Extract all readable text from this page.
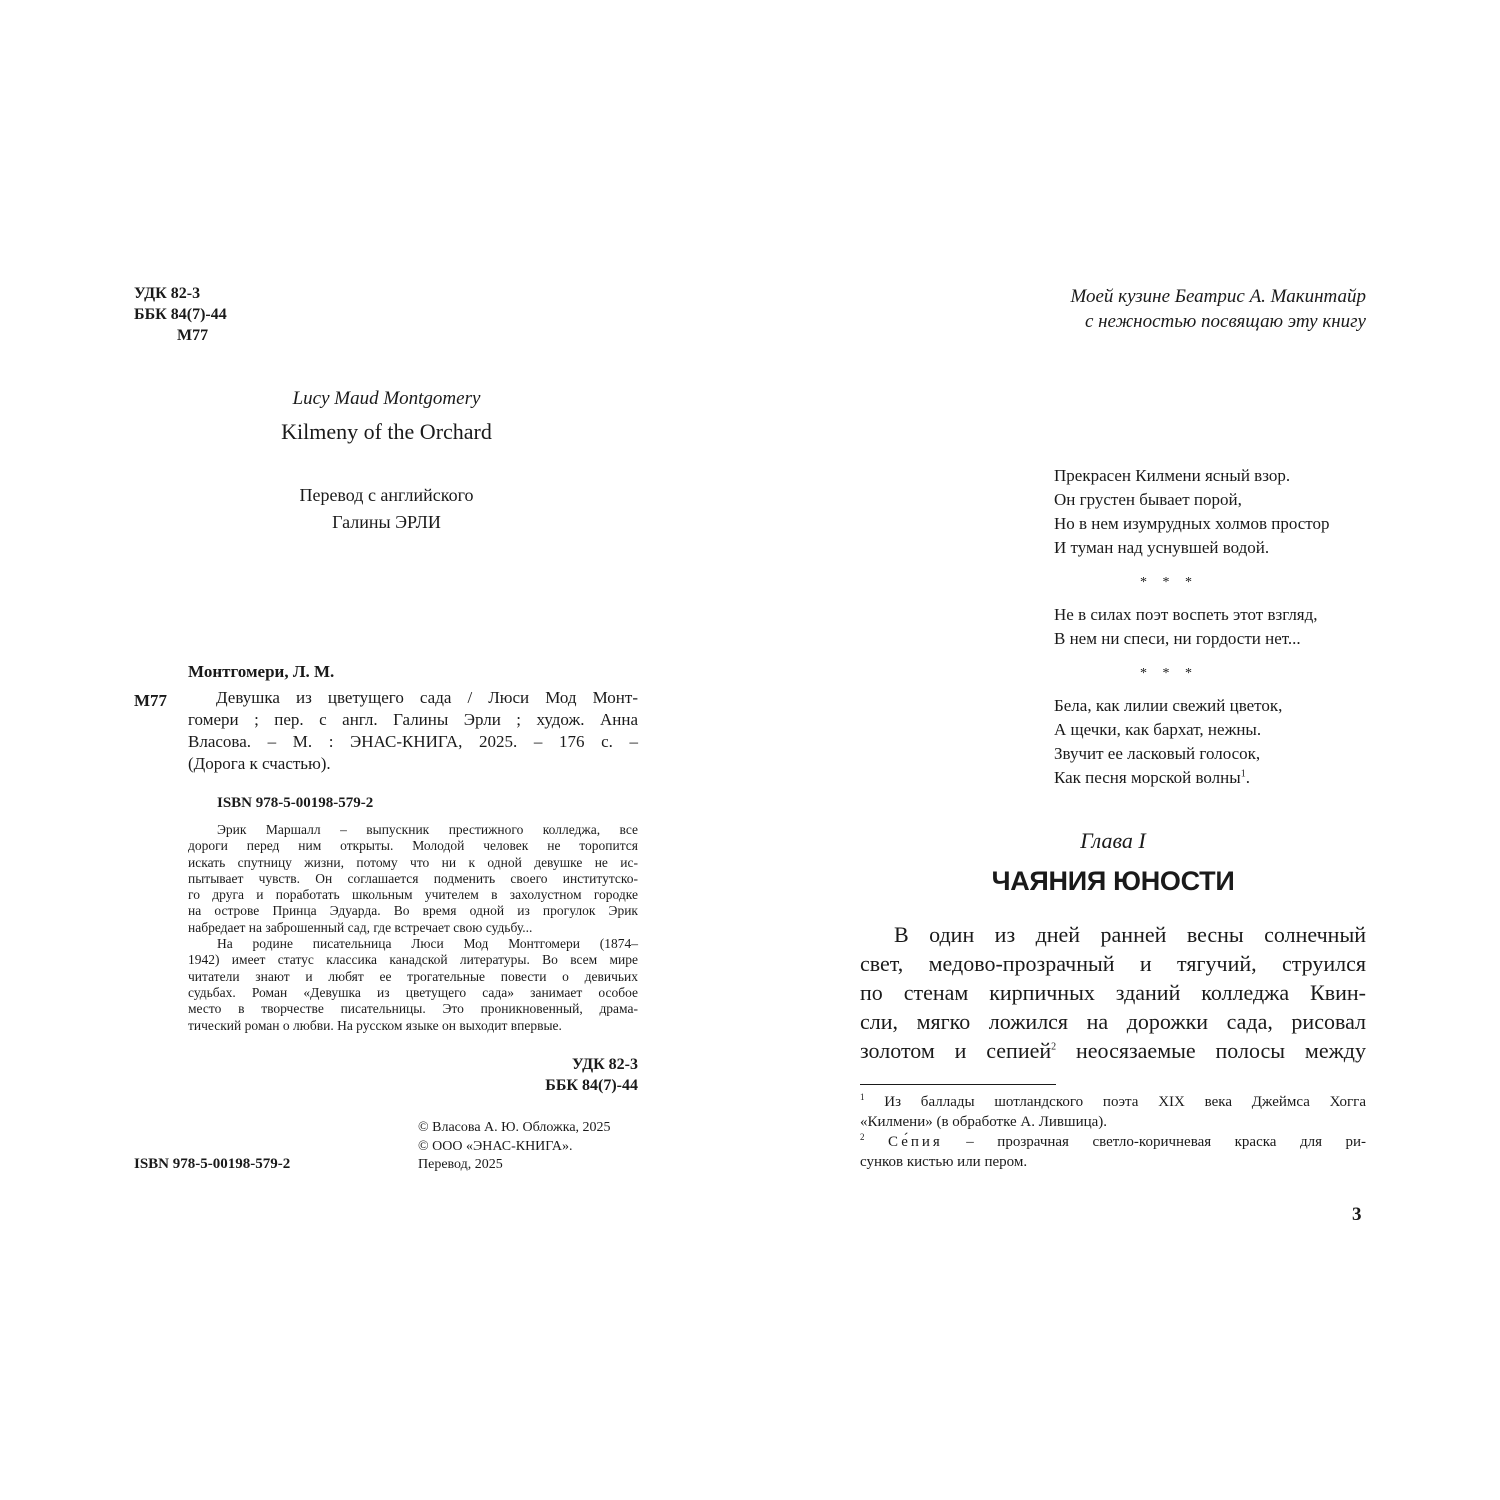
УДК 82-3
ББК 84(7)-44
М77
Lucy Maud Montgomery
Kilmeny of the Orchard
Перевод с английского
Галины ЭРЛИ
Монтгомери, Л. М.
М77	Девушка из цветущего сада / Люси Мод Монт-
гомери ; пер. с англ. Галины Эрли ; худож. Анна
Власова. – М. : ЭНАС-КНИГА, 2025. – 176 с. –
(Дорога к счастью).
ISBN 978-5-00198-579-2
Эрик Маршалл – выпускник престижного колледжа, все
дороги перед ним открыты. Молодой человек не торопится
искать спутницу жизни, потому что ни к одной девушке не ис-
пытывает чувств. Он соглашается подменить своего институтско-
го друга и поработать школьным учителем в захолустном городке
на острове Принца Эдуарда. Во время одной из прогулок Эрик
набредает на заброшенный сад, где встречает свою судьбу...
На родине писательница Люси Мод Монтгомери (1874–
1942) имеет статус классика канадской литературы. Во всем мире
читатели знают и любят ее трогательные повести о девичьих
судьбах. Роман «Девушка из цветущего сада» занимает особое
место в творчестве писательницы. Это проникновенный, драма-
тический роман о любви. На русском языке он выходит впервые.
УДК 82-3
ББК 84(7)-44
© Власова А. Ю. Обложка, 2025
© ООО «ЭНАС-КНИГА».
Перевод, 2025
ISBN 978-5-00198-579-2
Моей кузине Беатрис А. Макинтайр
с нежностью посвящаю эту книгу
Прекрасен Килмени ясный взор.
Он грустен бывает порой,
Но в нем изумрудных холмов простор
И туман над уснувшей водой.
* * *
Не в силах поэт воспеть этот взгляд,
В нем ни спеси, ни гордости нет...
* * *
Бела, как лилии свежий цветок,
А щечки, как бархат, нежны.
Звучит ее ласковый голосок,
Как песня морской волны$^1$.
Глава I
ЧАЯНИЯ ЮНОСТИ
В один из дней ранней весны солнечный
свет, медово-прозрачный и тягучий, струился
по стенам кирпичных зданий колледжа Квин-
сли, мягко ложился на дорожки сада, рисовал
золотом и сепией$^2$ неосязаемые полосы между
$^1$ Из баллады шотландского поэта XIX века Джеймса Хогга
«Килмени» (в обработке А. Лившица).
$^2$ Се́пия – прозрачная светло-коричневая краска для ри-
сунков кистью или пером.
3
